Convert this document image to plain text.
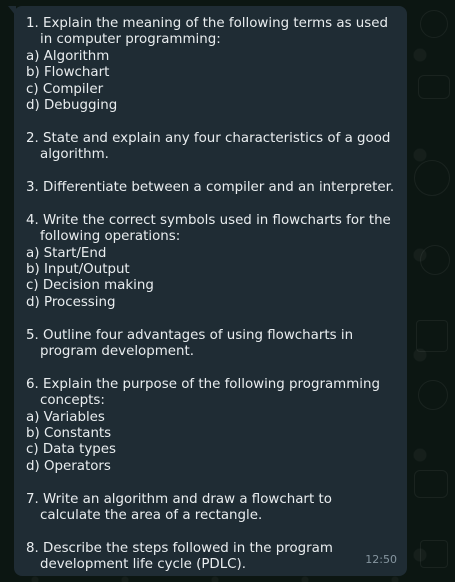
1. Explain the meaning of the following terms as used in computer programming:
a) Algorithm
b) Flowchart
c) Compiler
d) Debugging
2. State and explain any four characteristics of a good algorithm.
3. Differentiate between a compiler and an interpreter.
4. Write the correct symbols used in flowcharts for the following operations:
a) Start/End
b) Input/Output
c) Decision making
d) Processing
5. Outline four advantages of using flowcharts in program development.
6. Explain the purpose of the following programming concepts:
a) Variables
b) Constants
c) Data types
d) Operators
7. Write an algorithm and draw a flowchart to calculate the area of a rectangle.
8. Describe the steps followed in the program development life cycle (PDLC).	12:50
